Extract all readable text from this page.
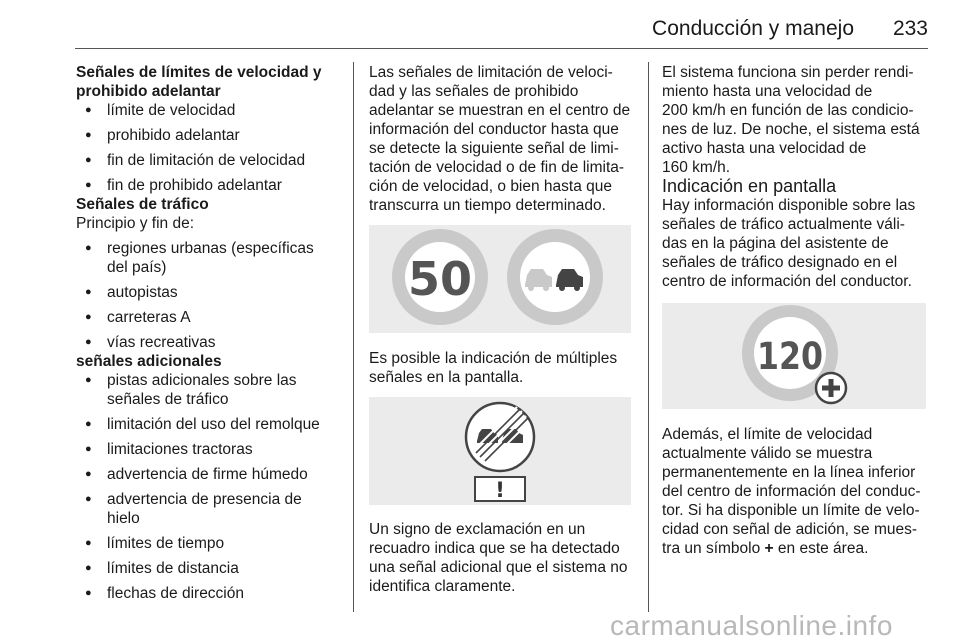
Conducción y manejo	233

Señales de límites de velocidad y
prohibido adelantar

● límite de velocidad
● prohibido adelantar
● fin de limitación de velocidad
● fin de prohibido adelantar

Señales de tráfico

Principio y fin de:

● regiones urbanas (específicas
del país)
● autopistas
● carreteras A
● vías recreativas

señales adicionales

● pistas adicionales sobre las
señales de tráfico
● limitación del uso del remolque
● limitaciones tractoras
● advertencia de firme húmedo
● advertencia de presencia de
hielo
● límites de tiempo
● límites de distancia
● flechas de dirección

Las señales de limitación de veloci-
dad y las señales de prohibido
adelantar se muestran en el centro de
información del conductor hasta que
se detecte la siguiente señal de limi-
tación de velocidad o de fin de limita-
ción de velocidad, o bien hasta que
transcurra un tiempo determinado.

50

Es posible la indicación de múltiples
señales en la pantalla.

!

Un signo de exclamación en un
recuadro indica que se ha detectado
una señal adicional que el sistema no
identifica claramente.

El sistema funciona sin perder rendi-
miento hasta una velocidad de
200 km/h en función de las condicio-
nes de luz. De noche, el sistema está
activo hasta una velocidad de
160 km/h.

Indicación en pantalla

Hay información disponible sobre las
señales de tráfico actualmente váli-
das en la página del asistente de
señales de tráfico designado en el
centro de información del conductor.

120

Además, el límite de velocidad
actualmente válido se muestra
permanentemente en la línea inferior
del centro de información del conduc-
tor. Si ha disponible un límite de velo-
cidad con señal de adición, se mues-
tra un símbolo + en este área.

carmanualsonline.info
